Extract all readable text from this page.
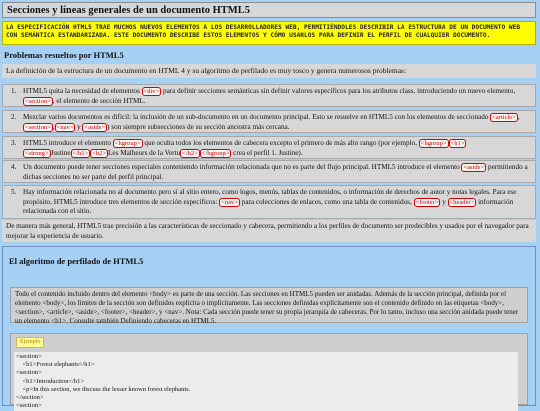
Secciones y líneas generales de un documento HTML5
LA ESPECIFICACIÓN HTML5 TRAE MUCHOS NUEVOS ELEMENTOS A LOS DESARROLLADORES WEB, PERMITIÉNDOLES DESCRIBIR LA ESTRUCTURA DE UN DOCUMENTO WEB CON SEMÁNTICA ESTANDARIZADA. ESTE DOCUMENTO DESCRIBE ESTOS ELEMENTOS Y CÓMO USARLOS PARA DEFINIR EL PERFIL DE CUALQUIER DOCUMENTO.
Problemas resueltos por HTML5
La definición de la estructura de un documento en HTML 4 y su algoritmo de perfilado es muy tosco y genera numerosos problemas:
1. HTML5 quita la necesidad de elementos <div> para definir secciones semánticas sin definir valores específicos para los atributos class, introduciendo un nuevo elemento, <section> , el elemento de sección HTML.
2. Mezclar varios documentos es difícil: la inclusión de un sub-documento en un documento principal. Esto se resuelve en HTML5 con los elementos de seccionado <article> ,<section> , <nav> y <aside> ) son siempre subsecciones de su sección ancestra más cercana.
3. HTML5 introduce el elemento <hgroup> que oculta todos los elementos de cabecera excepto el primero de más alto rango (por ejemplo, <hgroup> <h1><strong> Justine </h1> <h2> Les Malheurs de la Vertu </h2> </hgroup> crea el perfil 1. Justine).
4. Un documento puede tener secciones especiales conteniendo información relacionada que no es parte del flujo principal. HTML5 introduce el elemento <aside> permitiendo a dichas secciones no ser parte del perfil principal.
5. Hay información relacionada no al documento pero sí al sitio entero, como logos, menús, tablas de contenidos, o información de derechos de autor y notas legales. Para ese propósito, HTML5 introduce tres elementos de sección específicos: <nav> para colecciones de enlaces, como una tabla de contenidos, <footer> y <header> información relacionada con el sitio.
De manera más general, HTML5 trae precisión a las características de seccionado y cabecera, permitiendo a los perfiles de documento ser predecibles y usados por el navegador para mejorar la experiencia de usuario.
El algoritmo de perfilado de HTML5
Todo el contenido incluido dentro del elemento <body> es parte de una sección. Las secciones en HTML5 pueden ser anidadas. Además de la sección principal, definida por el elemento <body>, los límites de la sección son definidos explícita o implícitamente. Las secciones definidas explícitamente son el contenido definido en las etiquetas <body>, <section>, <article>, <aside>, <footer>, <header>, y <nav>. Nota: Cada sección puede tener su propia jerarquía de cabeceras. Por lo tanto, incluso una sección anidada puede tener un elemento <h1>. Consulte también Definiendo cabeceras en HTML5.
Ejemplo
<section>
<h1>Forest elephants</h1>
<section>
<h1>Introduction</h1>
<p>In this section, we discuss the lesser known forest elephants.
</section>
<section>
